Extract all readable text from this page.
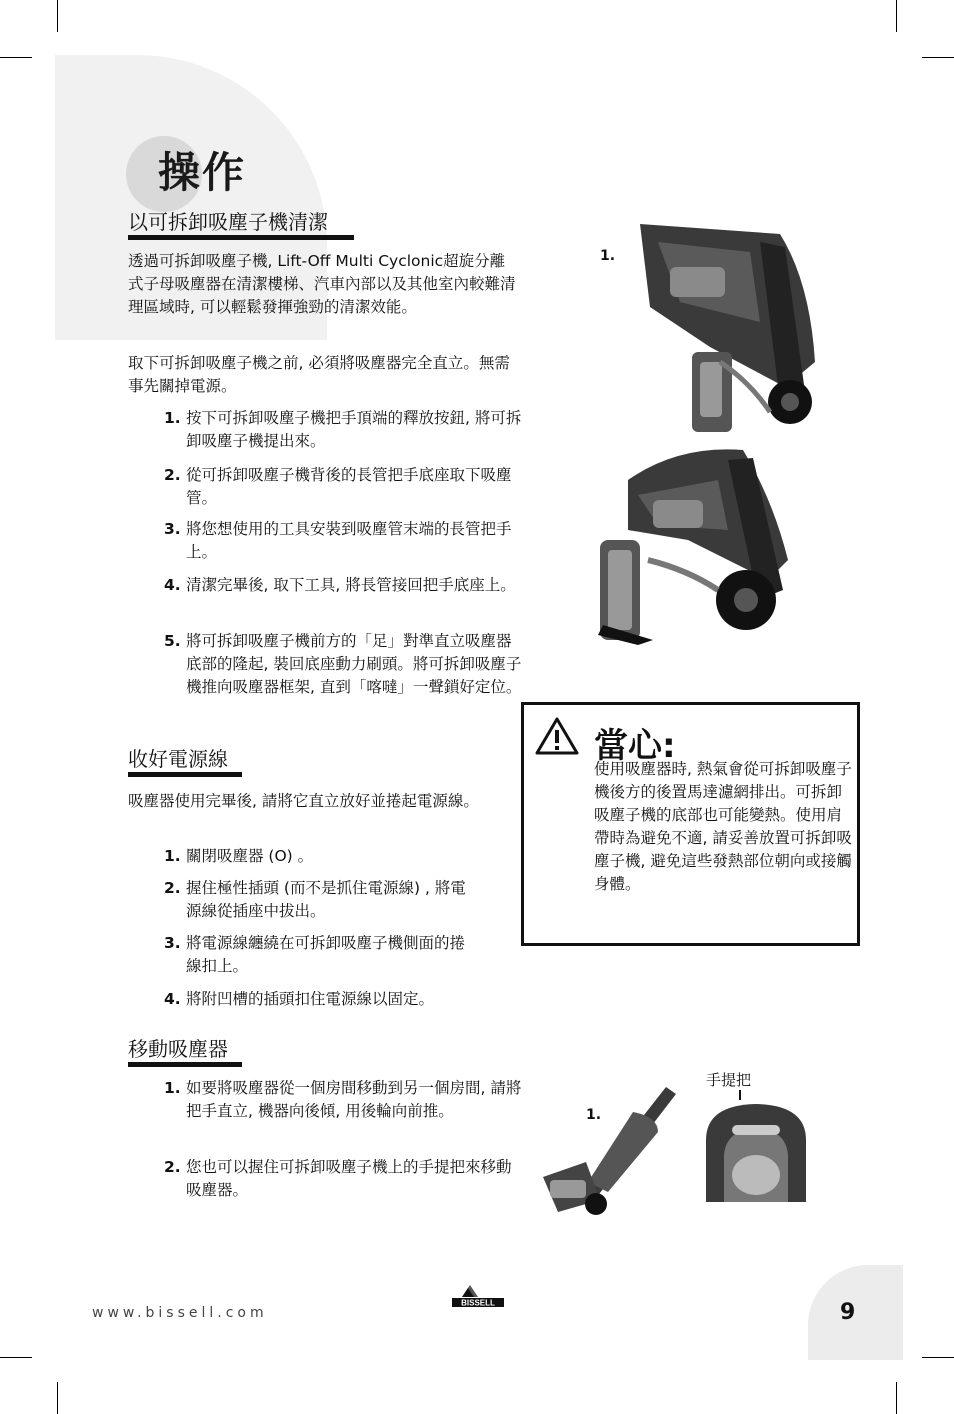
操作
以可拆卸吸塵子機清潔
透過可拆卸吸塵子機, Lift-Off Multi Cyclonic超旋分離式子母吸塵器在清潔樓梯、汽車內部以及其他室內較難清理區域時, 可以輕鬆發揮強勁的清潔效能。
取下可拆卸吸塵子機之前, 必須將吸塵器完全直立。無需事先關掉電源。
1. 按下可拆卸吸塵子機把手頂端的釋放按鈕, 將可拆卸吸塵子機提出來。
2. 從可拆卸吸塵子機背後的長管把手底座取下吸塵管。
3. 將您想使用的工具安裝到吸塵管末端的長管把手上。
4. 清潔完畢後, 取下工具, 將長管接回把手底座上。
5. 將可拆卸吸塵子機前方的「足」對準直立吸塵器底部的隆起, 裝回底座動力刷頭。將可拆卸吸塵子機推向吸塵器框架, 直到「喀噠」一聲鎖好定位。
收好電源線
吸塵器使用完畢後, 請將它直立放好並捲起電源線。
1. 關閉吸塵器 (O) 。
2. 握住極性插頭 (而不是抓住電源線) , 將電源線從插座中拔出。
3. 將電源線纏繞在可拆卸吸塵子機側面的捲線扣上。
4. 將附凹槽的插頭扣住電源線以固定。
移動吸塵器
1. 如要將吸塵器從一個房間移動到另一個房間, 請將把手直立, 機器向後傾, 用後輪向前推。
2. 您也可以握住可拆卸吸塵子機上的手提把來移動吸塵器。
1.
當心:
使用吸塵器時, 熱氣會從可拆卸吸塵子機後方的後置馬達濾網排出。可拆卸吸塵子機的底部也可能變熱。使用肩帶時為避免不適, 請妥善放置可拆卸吸塵子機, 避免這些發熱部位朝向或接觸身體。
1.
手提把
www.bissell.com
BISSELL	9
